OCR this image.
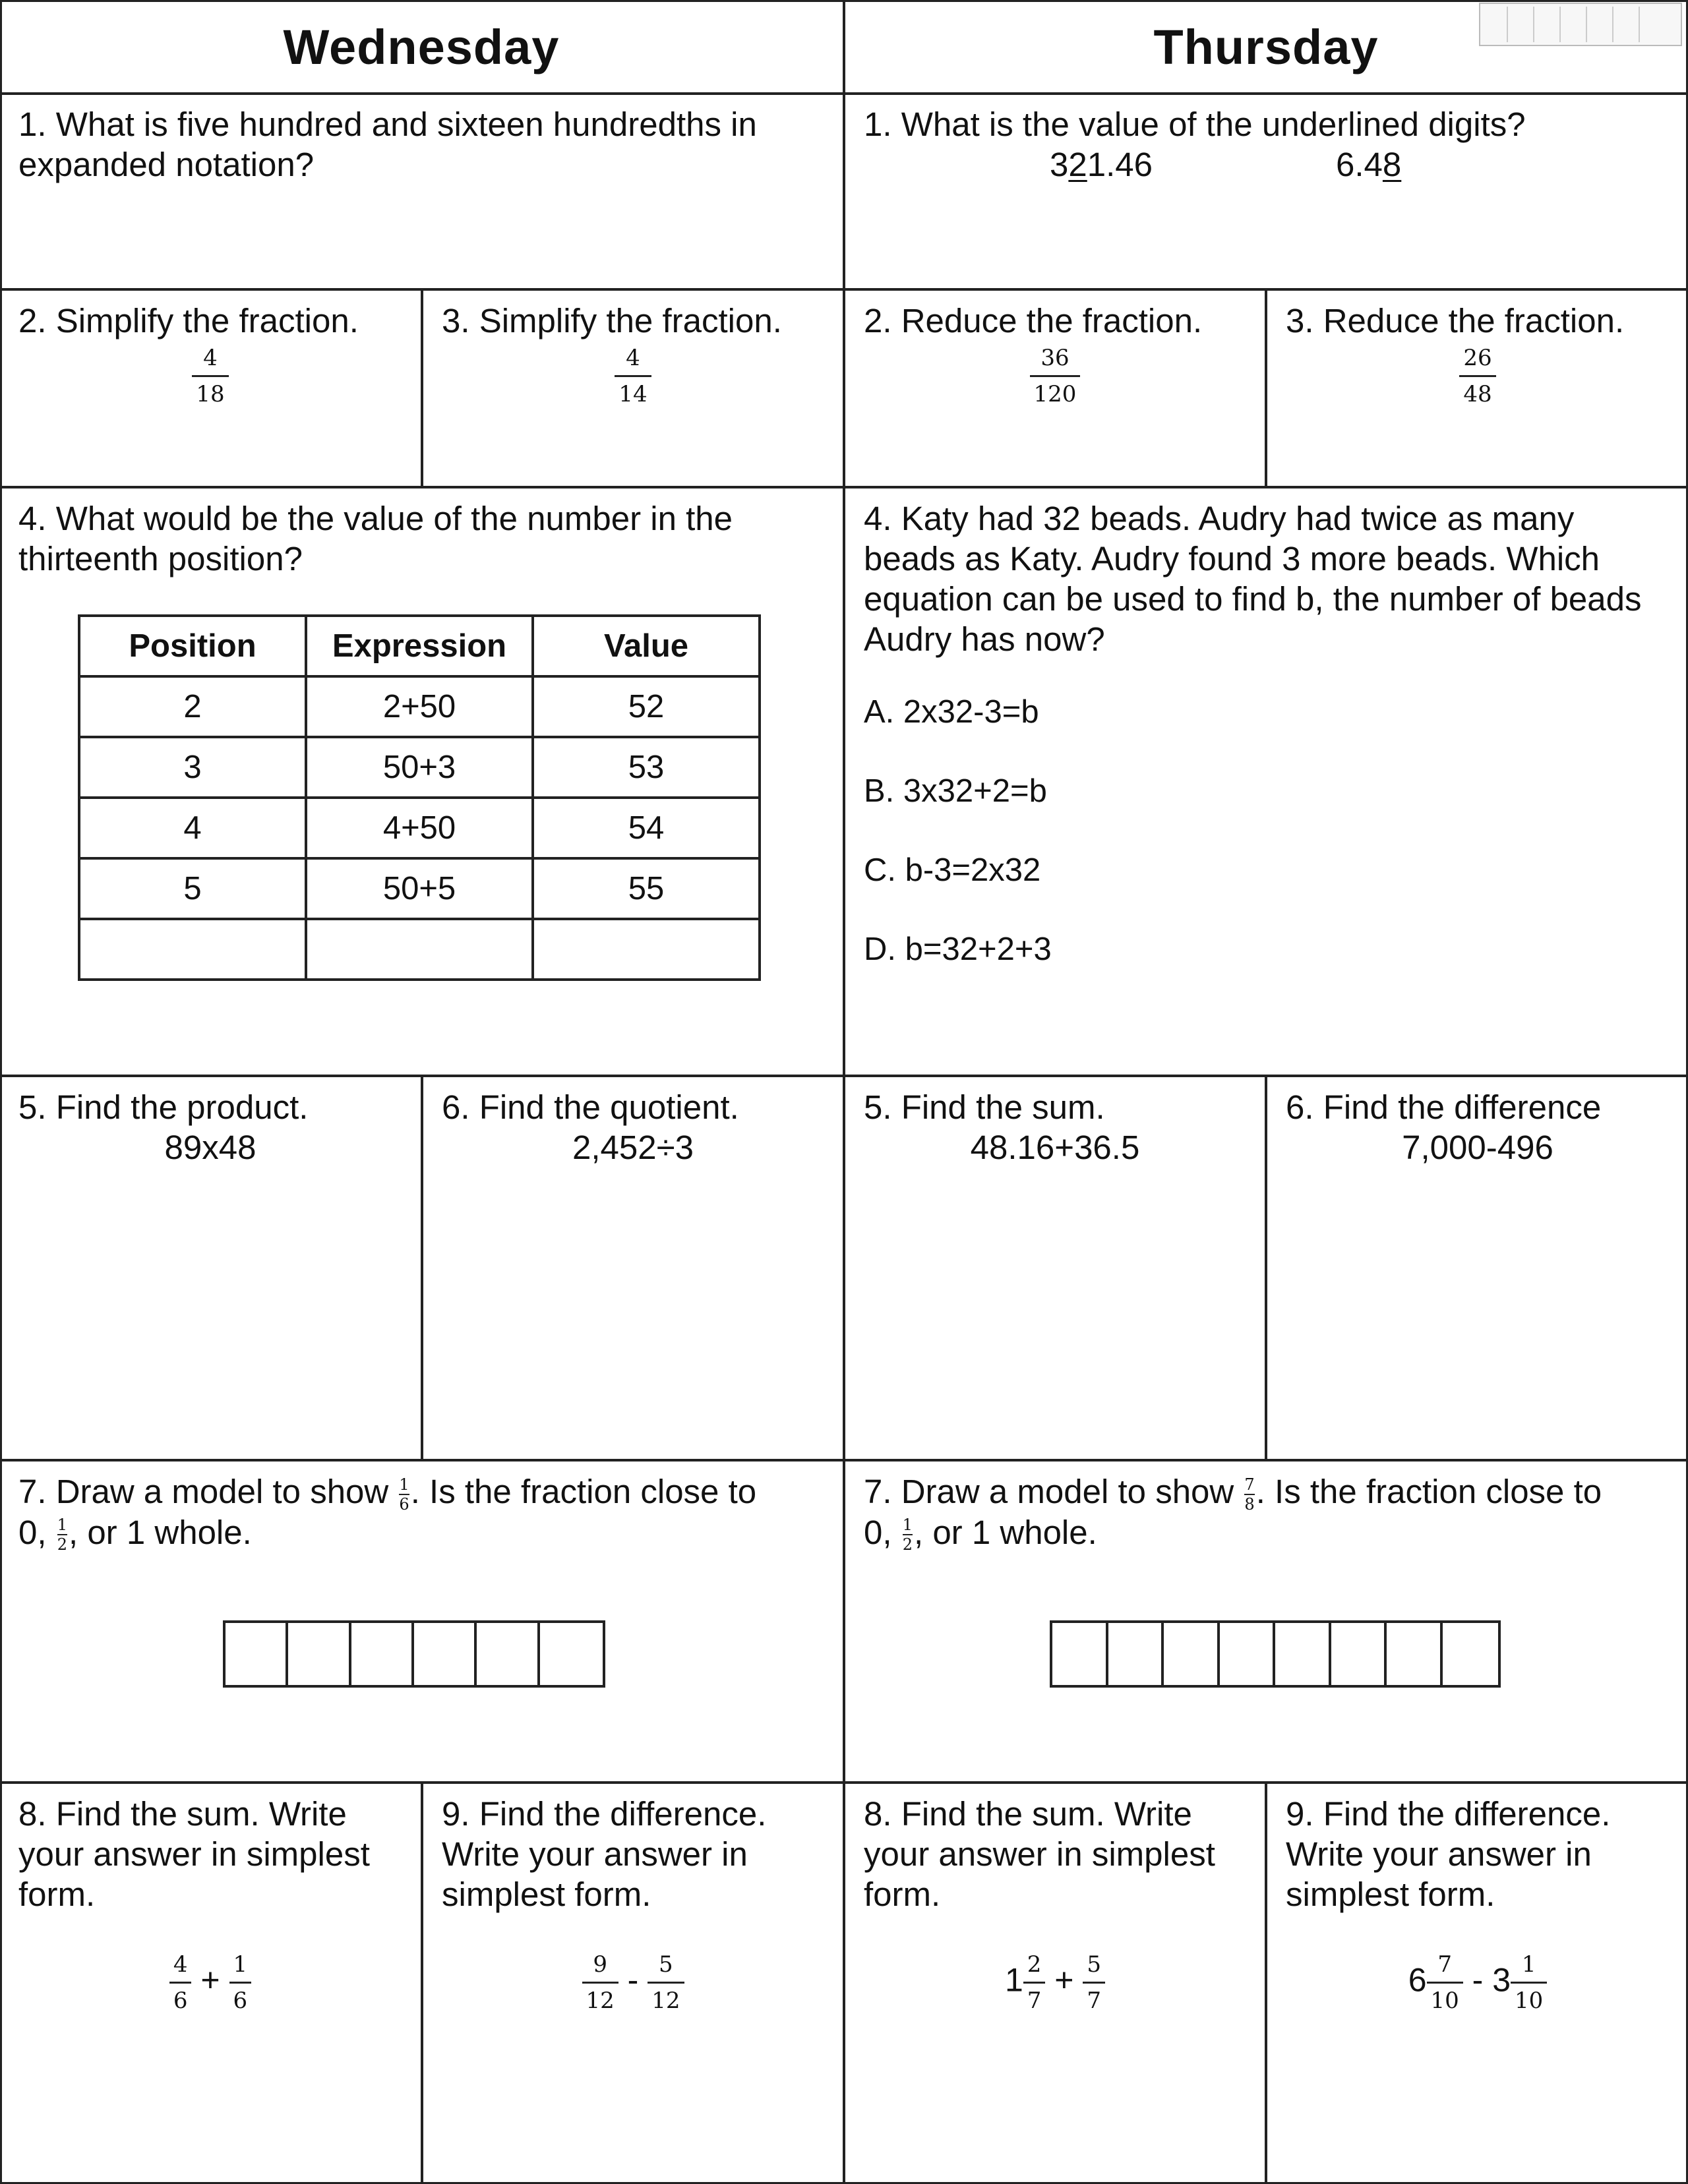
Wednesday	Thursday
1. What is five hundred and sixteen hundredths in expanded notation?
2. Simplify the fraction.
$\frac{4}{18}$
3. Simplify the fraction.
$\frac{4}{14}$
4. What would be the value of the number in the thirteenth position?
Position	Expression	Value
2	2+50	52
3	50+3	53
4	4+50	54
5	50+5	55

5. Find the product.
89x48
6. Find the quotient.
2,452÷3
7. Draw a model to show $\frac{1}{6}$ . Is the fraction close to
0, $\frac{1}{2}$ , or 1 whole.
8. Find the sum. Write your answer in simplest form.
$\frac{4}{6} + \frac{1}{6}$
9. Find the difference. Write your answer in simplest form.
$\frac{9}{12} - \frac{5}{12}$
1. What is the value of the underlined digits?
321.46	6.48
2. Reduce the fraction.
$\frac{36}{120}$
3. Reduce the fraction.
$\frac{26}{48}$
4. Katy had 32 beads. Audry had twice as many beads as Katy. Audry found 3 more beads. Which equation can be used to find b, the number of beads Audry has now?
A. 2x32-3=b
B. 3x32+2=b
C. b-3=2x32
D. b=32+2+3
5. Find the sum.
48.16+36.5
6. Find the difference
7,000-496
7. Draw a model to show $\frac{7}{8}$ . Is the fraction close to
0, $\frac{1}{2}$ , or 1 whole.
8. Find the sum. Write your answer in simplest form.
$1 \frac{2}{7} + \frac{5}{7}$
9. Find the difference. Write your answer in simplest form.
$6 \frac{7}{10} - 3 \frac{1}{10}$
